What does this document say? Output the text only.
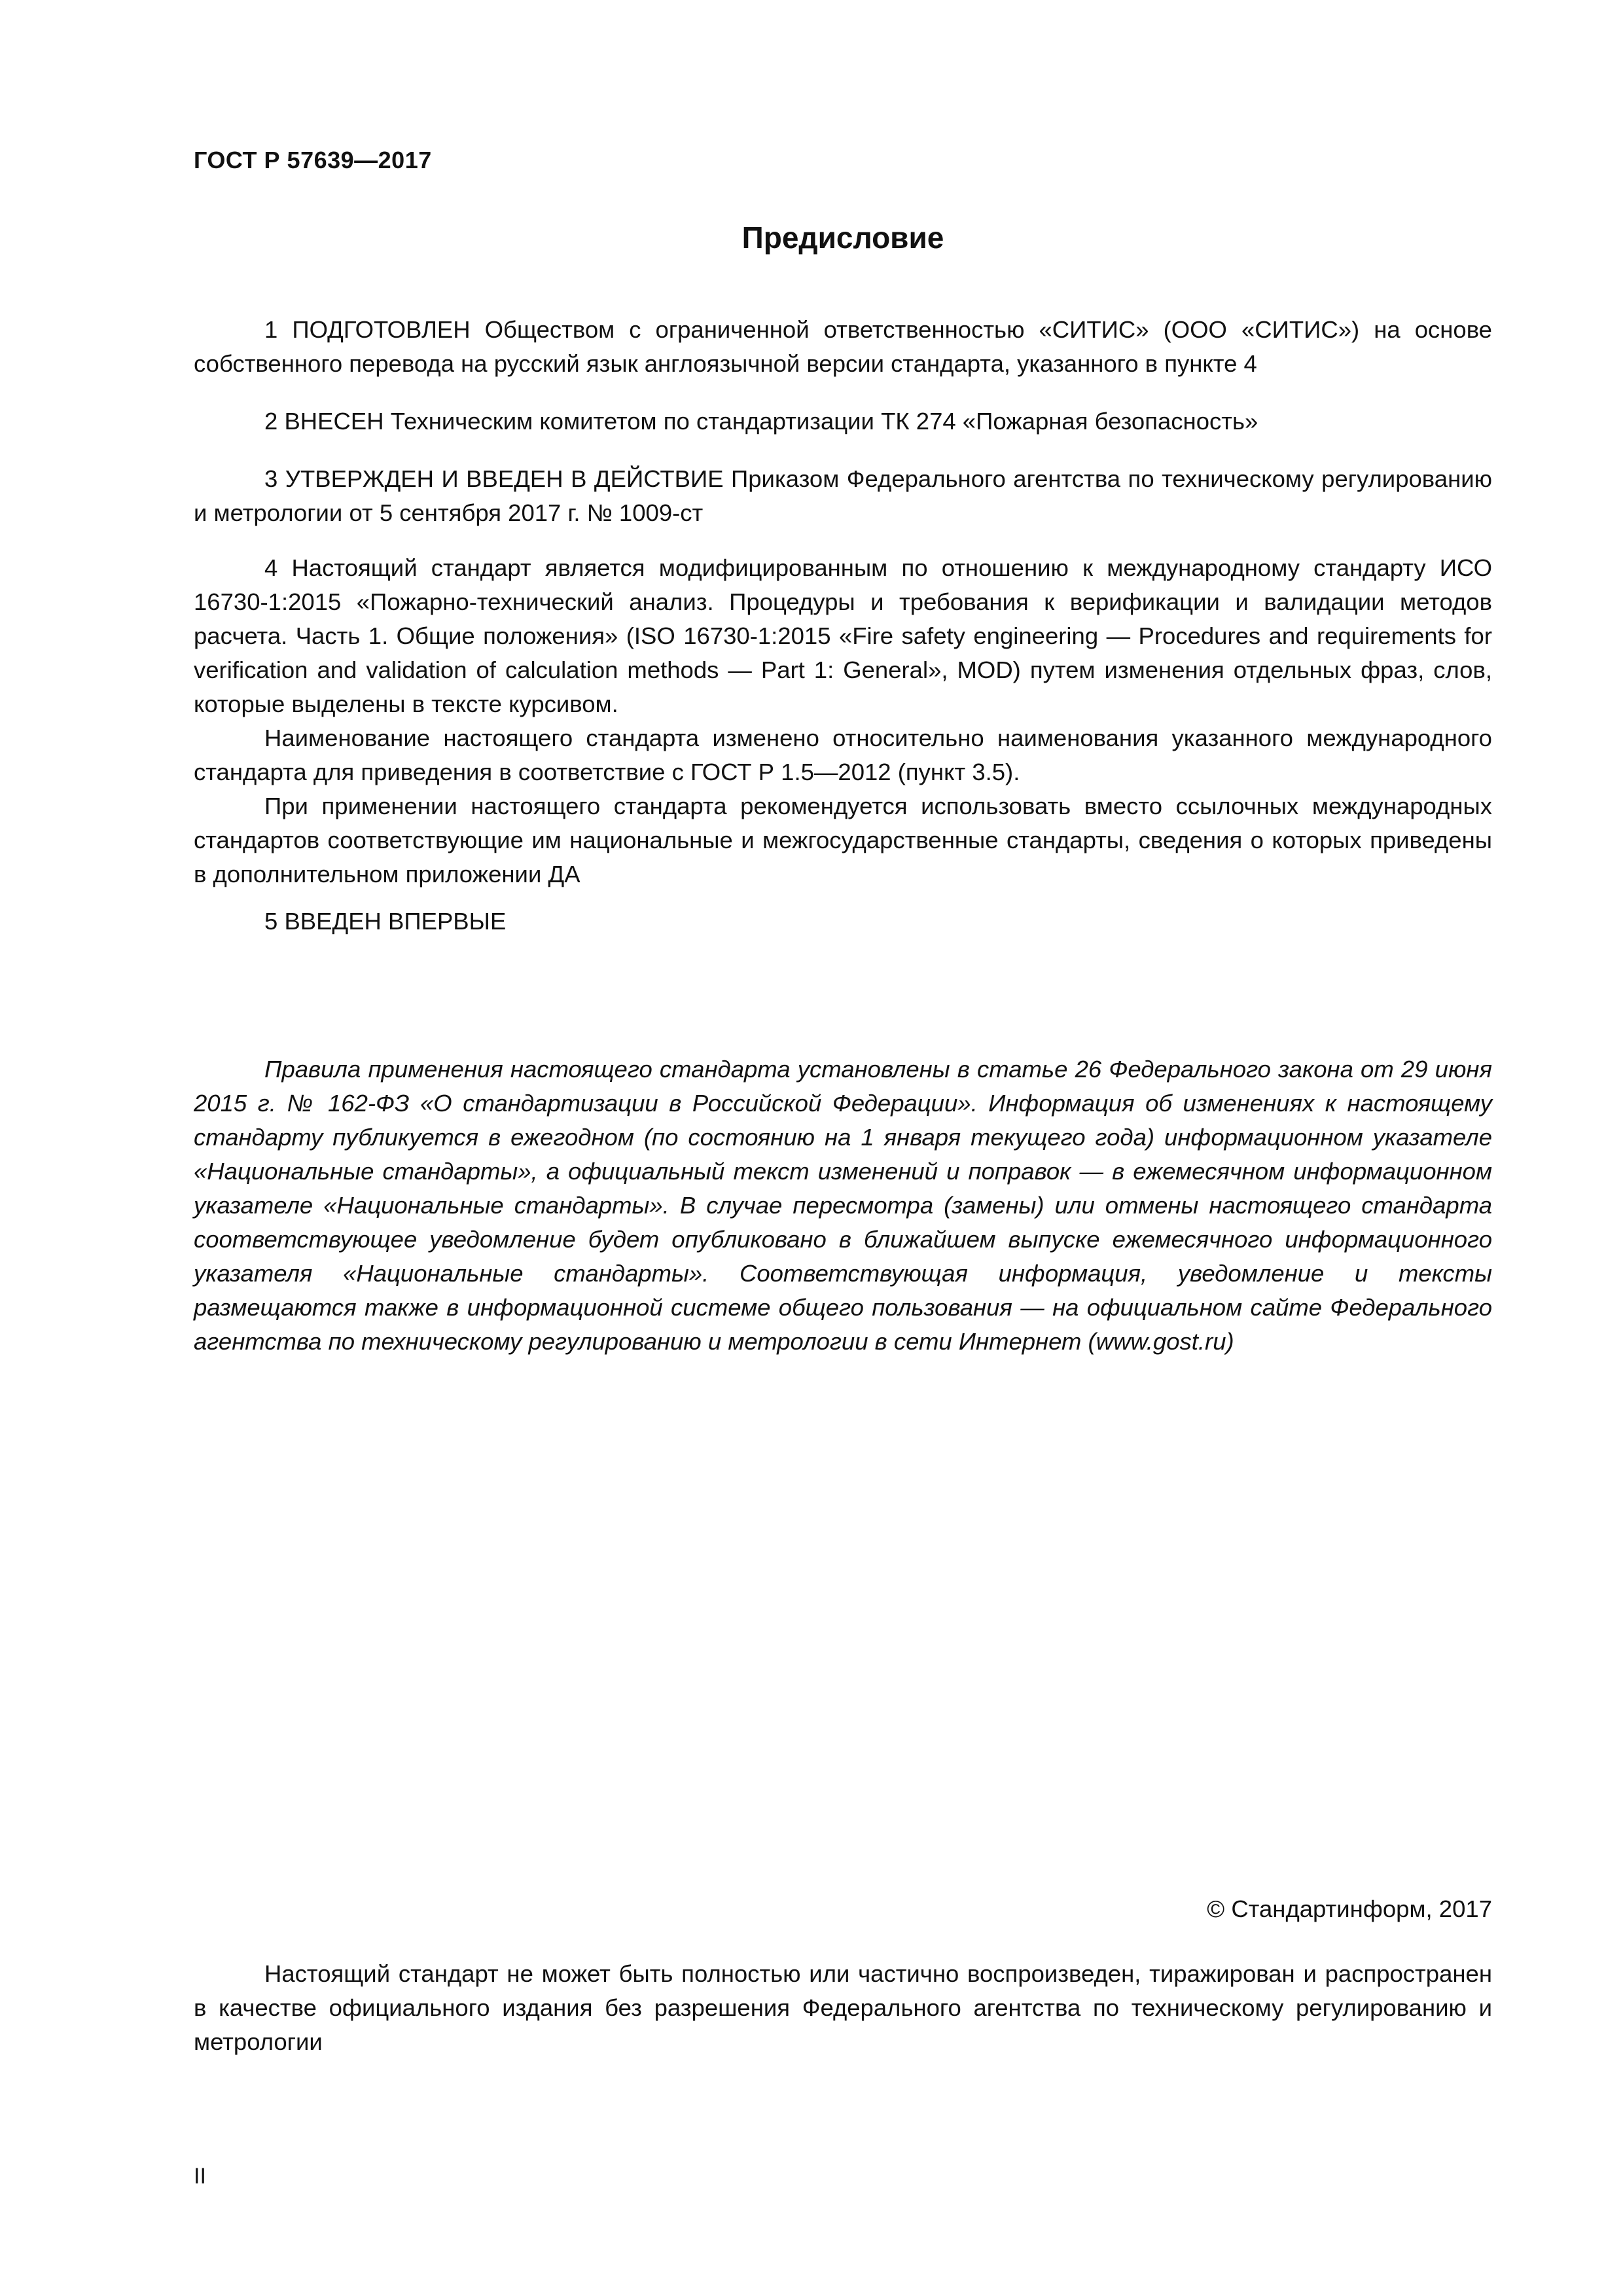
ГОСТ Р 57639—2017
Предисловие

1 ПОДГОТОВЛЕН Обществом с ограниченной ответственностью «СИТИС» (ООО «СИТИС») на основе собственного перевода на русский язык англоязычной версии стандарта, указанного в пункте 4

2 ВНЕСЕН Техническим комитетом по стандартизации ТК 274 «Пожарная безопасность»

3 УТВЕРЖДЕН И ВВЕДЕН В ДЕЙСТВИЕ Приказом Федерального агентства по техническому регулированию и метрологии от 5 сентября 2017 г. № 1009-ст

4 Настоящий стандарт является модифицированным по отношению к международному стандарту ИСО 16730-1:2015 «Пожарно-технический анализ. Процедуры и требования к верификации и валидации методов расчета. Часть 1. Общие положения» (ISO 16730-1:2015 «Fire safety engineering — Procedures and requirements for verification and validation of calculation methods — Part 1: General», MOD) путем изменения отдельных фраз, слов, которые выделены в тексте курсивом.

Наименование настоящего стандарта изменено относительно наименования указанного международного стандарта для приведения в соответствие с ГОСТ Р 1.5—2012 (пункт 3.5).

При применении настоящего стандарта рекомендуется использовать вместо ссылочных международных стандартов соответствующие им национальные и межгосударственные стандарты, сведения о которых приведены в дополнительном приложении ДА

5 ВВЕДЕН ВПЕРВЫЕ

Правила применения настоящего стандарта установлены в статье 26 Федерального закона от 29 июня 2015 г. № 162-ФЗ «О стандартизации в Российской Федерации». Информация об изменениях к настоящему стандарту публикуется в ежегодном (по состоянию на 1 января текущего года) информационном указателе «Национальные стандарты», а официальный текст изменений и поправок — в ежемесячном информационном указателе «Национальные стандарты». В случае пересмотра (замены) или отмены настоящего стандарта соответствующее уведомление будет опубликовано в ближайшем выпуске ежемесячного информационного указателя «Национальные стандарты». Соответствующая информация, уведомление и тексты размещаются также в информационной системе общего пользования — на официальном сайте Федерального агентства по техническому регулированию и метрологии в сети Интернет (www.gost.ru)

© Стандартинформ, 2017

Настоящий стандарт не может быть полностью или частично воспроизведен, тиражирован и распространен в качестве официального издания без разрешения Федерального агентства по техническому регулированию и метрологии

II
